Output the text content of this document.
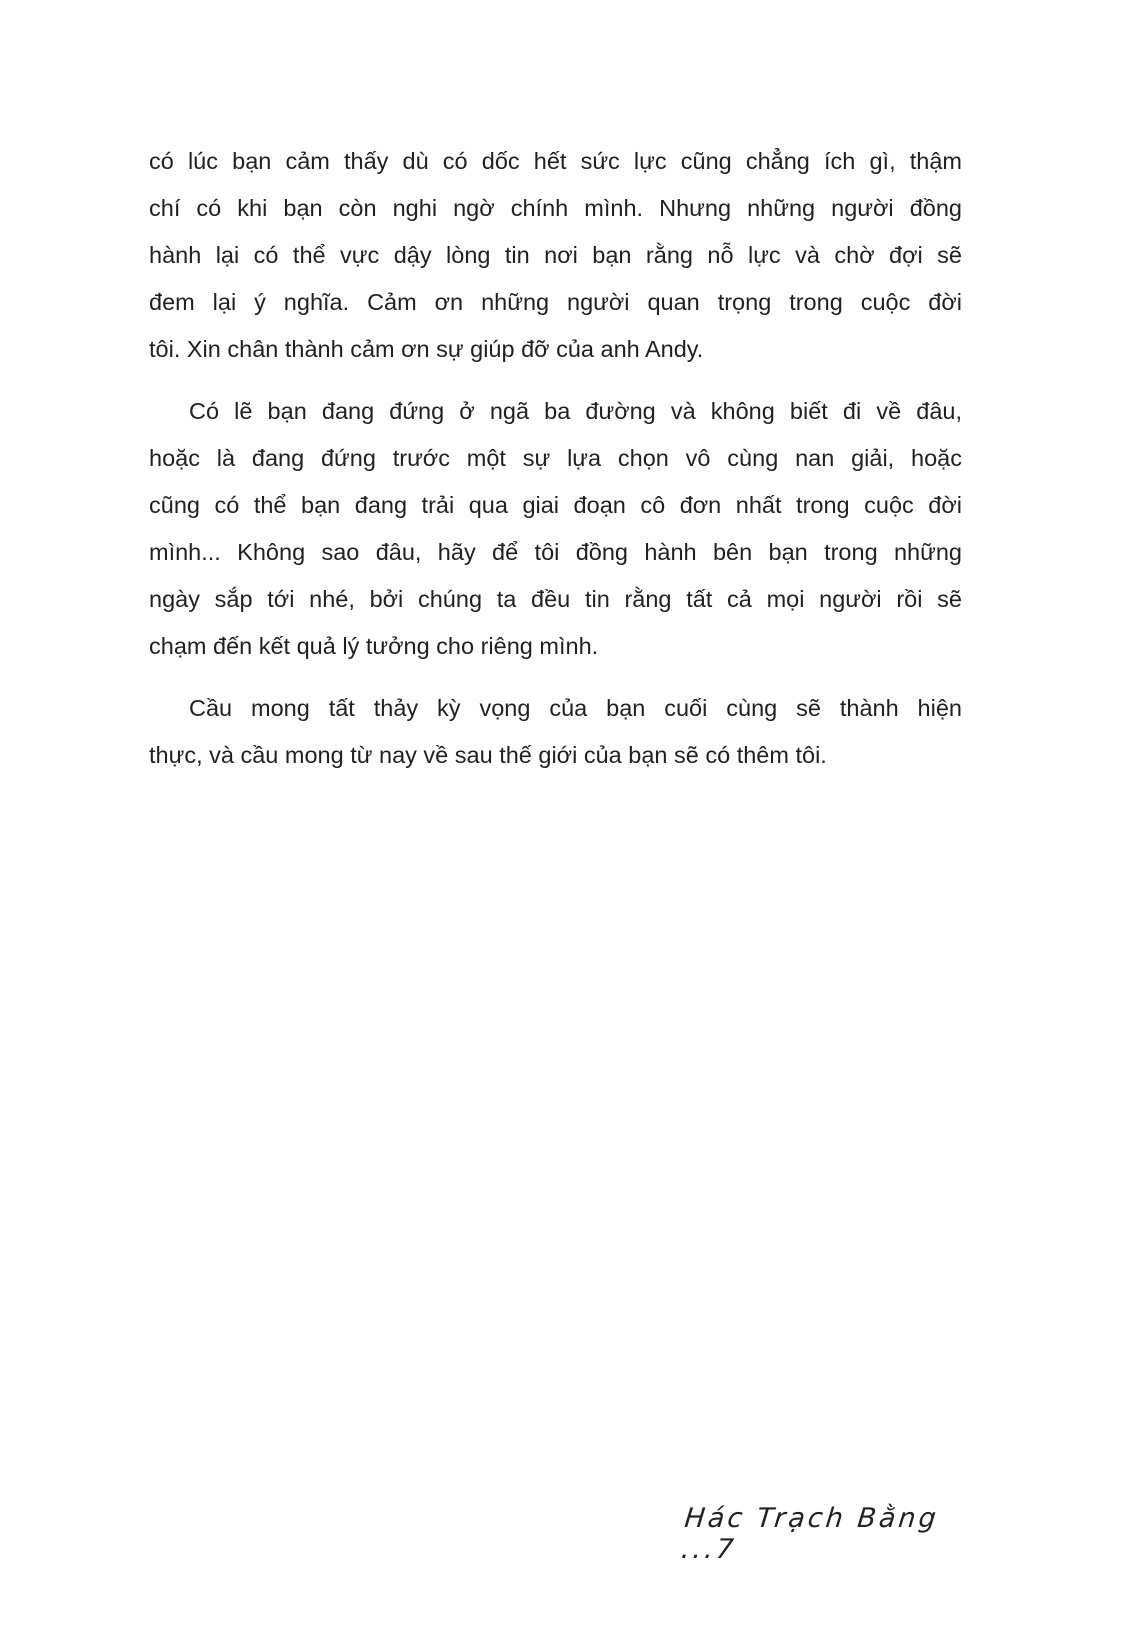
có lúc bạn cảm thấy dù có dốc hết sức lực cũng chẳng ích gì, thậm
chí có khi bạn còn nghi ngờ chính mình. Nhưng những người đồng
hành lại có thể vực dậy lòng tin nơi bạn rằng nỗ lực và chờ đợi sẽ
đem lại ý nghĩa. Cảm ơn những người quan trọng trong cuộc đời
tôi. Xin chân thành cảm ơn sự giúp đỡ của anh Andy.
Có lẽ bạn đang đứng ở ngã ba đường và không biết đi về đâu,
hoặc là đang đứng trước một sự lựa chọn vô cùng nan giải, hoặc
cũng có thể bạn đang trải qua giai đoạn cô đơn nhất trong cuộc đời
mình... Không sao đâu, hãy để tôi đồng hành bên bạn trong những
ngày sắp tới nhé, bởi chúng ta đều tin rằng tất cả mọi người rồi sẽ
chạm đến kết quả lý tưởng cho riêng mình.
Cầu mong tất thảy kỳ vọng của bạn cuối cùng sẽ thành hiện
thực, và cầu mong từ nay về sau thế giới của bạn sẽ có thêm tôi.
Hác Trạch Bằng ...7
